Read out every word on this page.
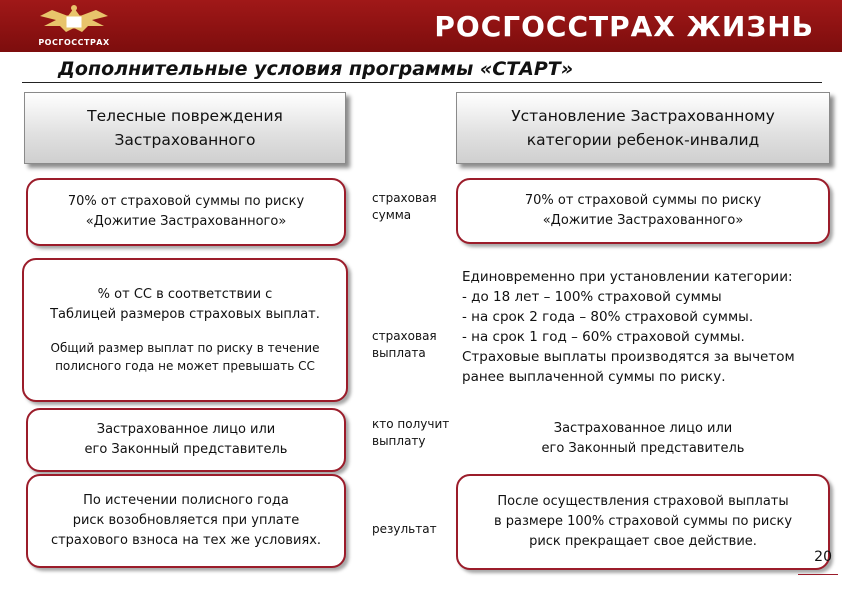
РОСГОССТРАХ	РОСГОССТРАХ ЖИЗНЬ
Дополнительные условия программы «СТАРТ»
Телесные повреждения
Застрахованного
Установление Застрахованному
категории ребенок-инвалид
70% от страховой суммы по риску
«Дожитие Застрахованного»
страховая
сумма
70% от страховой суммы по риску
«Дожитие Застрахованного»
% от СС в соответствии с
Таблицей размеров страховых выплат.
Общий размер выплат по риску в течение
полисного года не может превышать СС
страховая
выплата
Единовременно при установлении категории:
- до 18 лет – 100% страховой суммы
- на срок 2 года – 80% страховой суммы.
- на срок 1 год – 60% страховой суммы.
Страховые выплаты производятся за вычетом
ранее выплаченной суммы по риску.
Застрахованное лицо или
его Законный представитель
кто получит
выплату
Застрахованное лицо или
его Законный представитель
По истечении полисного года
риск возобновляется при уплате
страхового взноса на тех же условиях.
результат
После осуществления страховой выплаты
в размере 100% страховой суммы по риску
риск прекращает свое действие.
20
